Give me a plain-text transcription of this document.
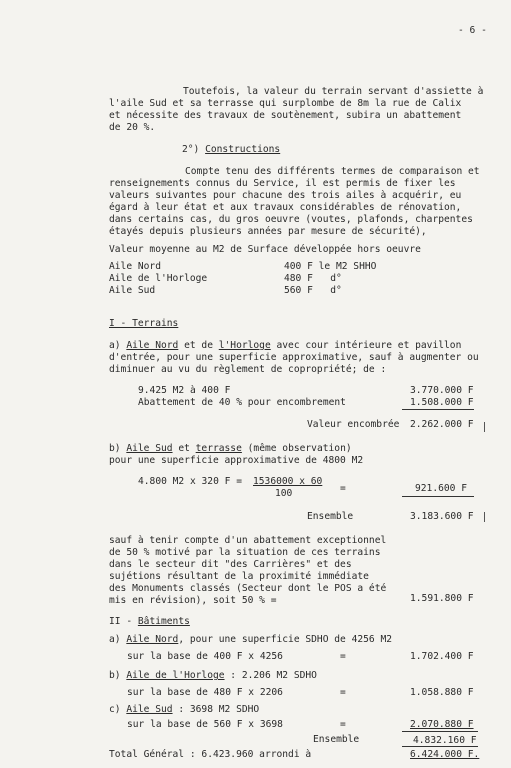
- 6 -
Toutefois, la valeur du terrain servant d'assiette à
l'aile Sud et sa terrasse qui surplombe de 8m la rue de Calix
et nécessite des travaux de soutènement, subira un abattement
de 20 %.
2°) Constructions
Compte tenu des différents termes de comparaison et
renseignements connus du Service, il est permis de fixer les
valeurs suivantes pour chacune des trois ailes à acquérir, eu
égard à leur état et aux travaux considérables de rénovation,
dans certains cas, du gros oeuvre (voutes, plafonds, charpentes
étayés depuis plusieurs années par mesure de sécurité),
Valeur moyenne au M2 de Surface développée hors oeuvre
Aile Nord	400 F le M2 SHHO
Aile de l'Horloge	480 F   d°
Aile Sud	560 F   d°
I - Terrains
a) Aile Nord et de l'Horloge avec cour intérieure et pavillon
d'entrée, pour une superficie approximative, sauf à augmenter ou
diminuer au vu du règlement de copropriété; de :
9.425 M2 à 400 F	3.770.000 F
Abattement de 40 % pour encombrement	1.508.000 F
Valeur encombrée 2.262.000 F
b) Aile Sud et terrasse (même observation)
pour une superficie approximative de 4800 M2
4.800 M2 x 320 F = 1536000 x 60
100	=	921.600 F
Ensemble	3.183.600 F
sauf à tenir compte d'un abattement exceptionnel
de 50 % motivé par la situation de ces terrains
dans le secteur dit "des Carrières" et des
sujétions résultant de la proximité immédiate
des Monuments classés (Secteur dont le POS a été
mis en révision), soit 50 % =	1.591.800 F
II - Bâtiments
a) Aile Nord, pour une superficie SDHO de 4256 M2
sur la base de 400 F x 4256	=	1.702.400 F
b) Aile de l'Horloge : 2.206 M2 SDHO
sur la base de 480 F x 2206	=	1.058.880 F
c) Aile Sud : 3698 M2 SDHO
sur la base de 560 F x 3698	=	2.070.880 F
Ensemble	4.832.160 F
Total Général : 6.423.960 arrondi à	6.424.000 F.
